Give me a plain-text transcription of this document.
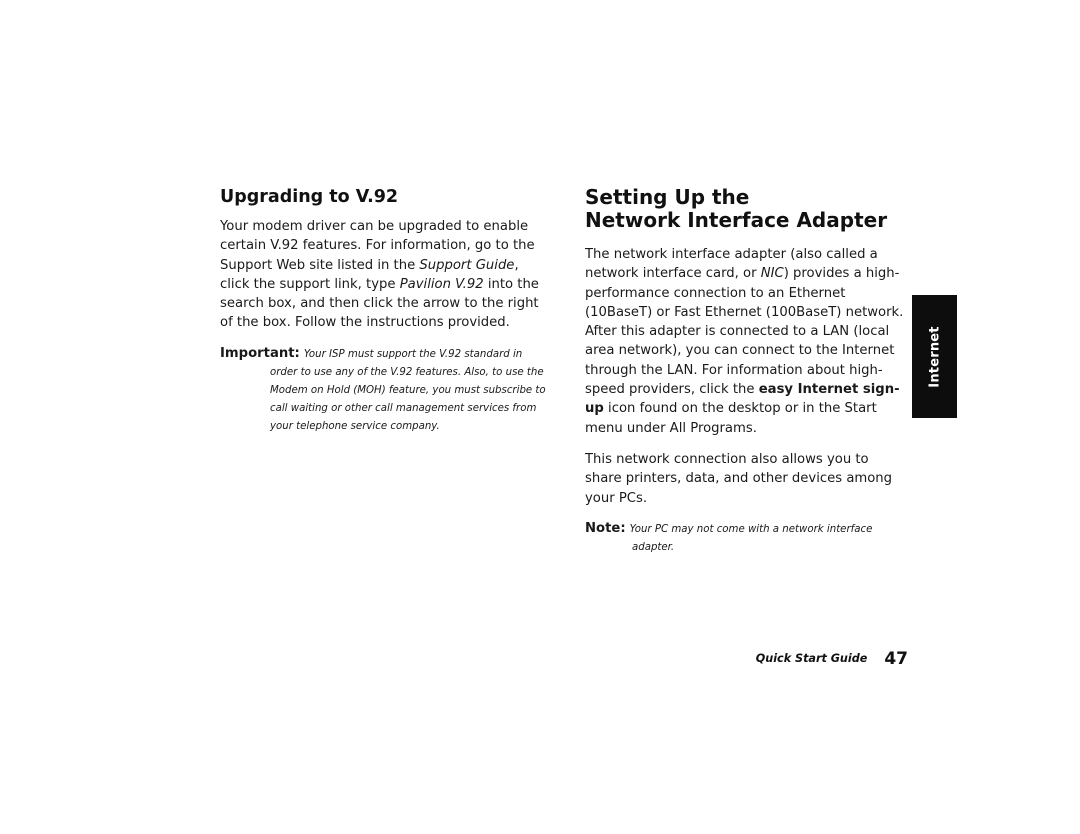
Upgrading to V.92

Your modem driver can be upgraded to enable certain V.92 features. For information, go to the Support Web site listed in the Support Guide, click the support link, type Pavilion V.92 into the search box, and then click the arrow to the right of the box. Follow the instructions provided.

Important: Your ISP must support the V.92 standard in order to use any of the V.92 features. Also, to use the Modem on Hold (MOH) feature, you must subscribe to call waiting or other call management services from your telephone service company.

Setting Up the
Network Interface Adapter

The network interface adapter (also called a network interface card, or NIC) provides a high-performance connection to an Ethernet (10BaseT) or Fast Ethernet (100BaseT) network. After this adapter is connected to a LAN (local area network), you can connect to the Internet through the LAN. For information about high-speed providers, click the easy Internet sign-up icon found on the desktop or in the Start menu under All Programs.

This network connection also allows you to share printers, data, and other devices among your PCs.

Note: Your PC may not come with a network interface adapter.

Internet
Quick Start Guide 47
